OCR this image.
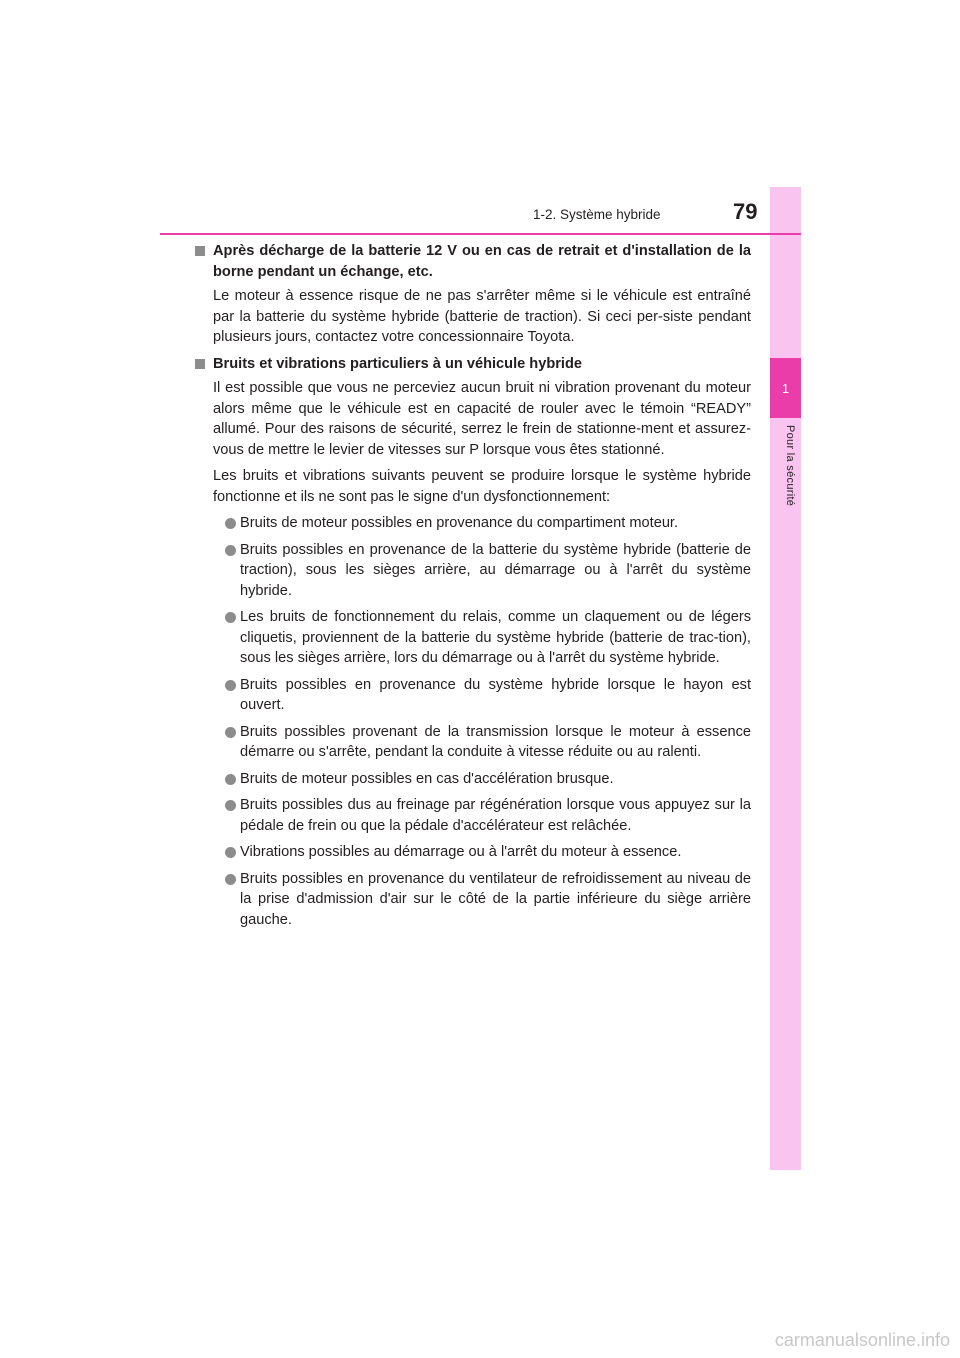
1
Pour la sécurité
1-2. Système hybride	79
Après décharge de la batterie 12 V ou en cas de retrait et d'installation de la borne pendant un échange, etc.

Le moteur à essence risque de ne pas s'arrêter même si le véhicule est entraîné par la batterie du système hybride (batterie de traction). Si ceci per-siste pendant plusieurs jours, contactez votre concessionnaire Toyota.

Bruits et vibrations particuliers à un véhicule hybride

Il est possible que vous ne perceviez aucun bruit ni vibration provenant du moteur alors même que le véhicule est en capacité de rouler avec le témoin “READY” allumé. Pour des raisons de sécurité, serrez le frein de stationne-ment et assurez-vous de mettre le levier de vitesses sur P lorsque vous êtes stationné.

Les bruits et vibrations suivants peuvent se produire lorsque le système hybride fonctionne et ils ne sont pas le signe d'un dysfonctionnement:

Bruits de moteur possibles en provenance du compartiment moteur.
Bruits possibles en provenance de la batterie du système hybride (batterie de traction), sous les sièges arrière, au démarrage ou à l'arrêt du système hybride.
Les bruits de fonctionnement du relais, comme un claquement ou de légers cliquetis, proviennent de la batterie du système hybride (batterie de trac-tion), sous les sièges arrière, lors du démarrage ou à l'arrêt du système hybride.
Bruits possibles en provenance du système hybride lorsque le hayon est ouvert.
Bruits possibles provenant de la transmission lorsque le moteur à essence démarre ou s'arrête, pendant la conduite à vitesse réduite ou au ralenti.
Bruits de moteur possibles en cas d'accélération brusque.
Bruits possibles dus au freinage par régénération lorsque vous appuyez sur la pédale de frein ou que la pédale d'accélérateur est relâchée.
Vibrations possibles au démarrage ou à l'arrêt du moteur à essence.
Bruits possibles en provenance du ventilateur de refroidissement au niveau de la prise d'admission d'air sur le côté de la partie inférieure du siège arrière gauche.
carmanualsonline.info
